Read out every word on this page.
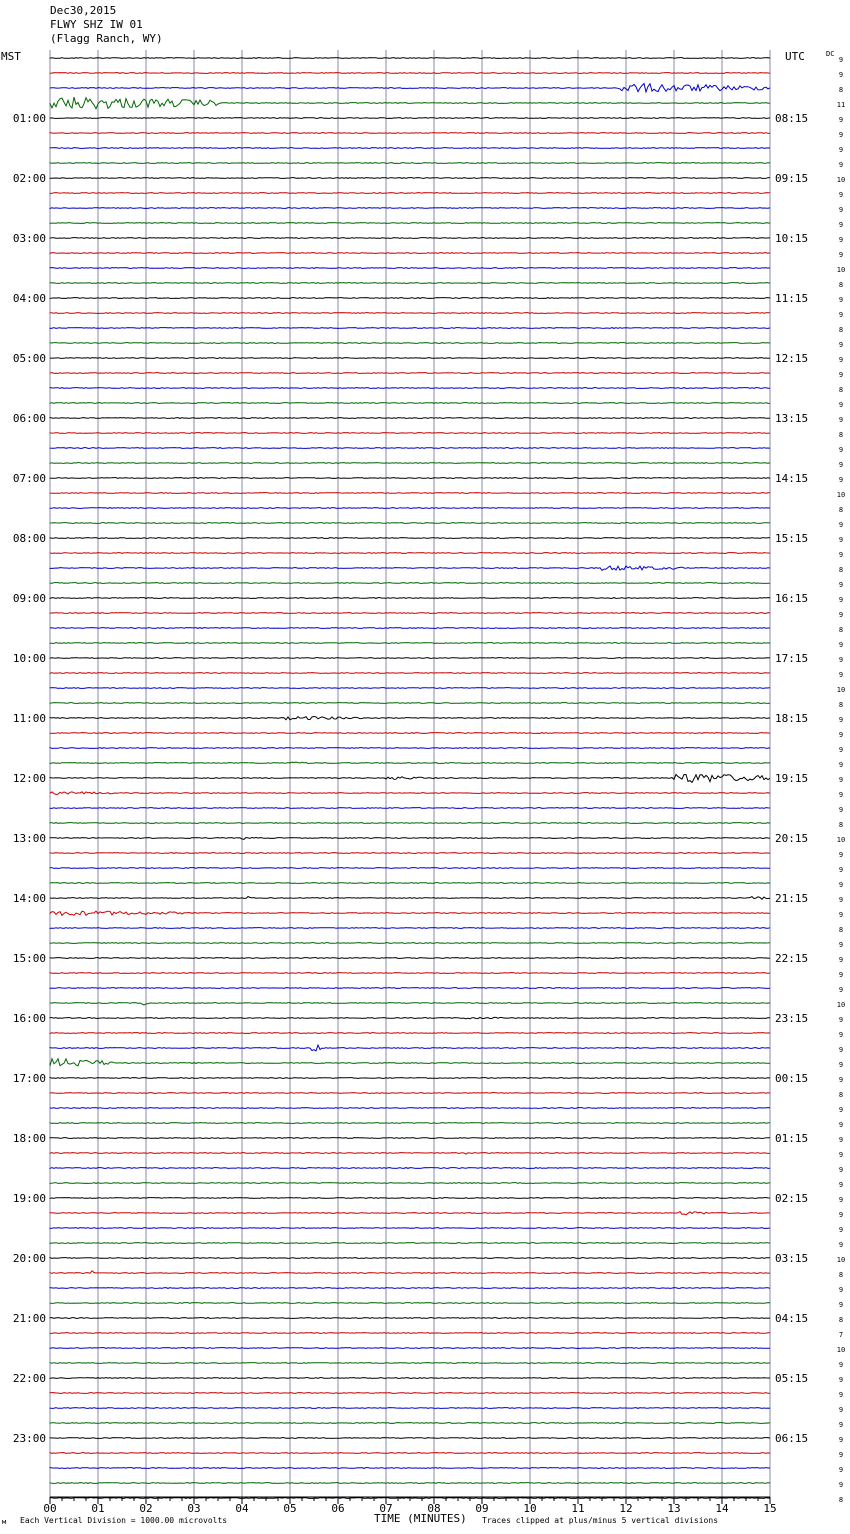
Dec30,2015
FLWY SHZ IW 01
(Flagg Ranch, WY)
MST	UTC	DC
01:00
02:00
03:00
04:00
05:00
06:00
07:00
08:00
09:00
10:00
11:00
12:00
13:00
14:00
15:00
16:00
17:00
18:00
19:00
20:00
21:00
22:00
23:00
08:15
09:15
10:15
11:15
12:15
13:15
14:15
15:15
16:15
17:15
18:15
19:15
20:15
21:15
22:15
23:15
00:15
01:15
02:15
03:15
04:15
05:15
06:15
9
9
8
11
9
9
9
9
10
9
9
9
9
9
10
8
9
9
8
9
9
9
8
9
9
8
9
9
9
10
8
9
9
9
8
9
9
9
8
9
9
9
10
8
9
9
9
9
9
9
9
8
10
9
9
9
9
9
8
9
9
9
9
10
9
9
9
9
9
8
9
9
9
9
9
9
9
9
9
9
10
8
9
9
8
7
10
9
9
9
9
9
9
9
9
9
8
00	01	02	03	04	05	06	07	08	09	10	11	12	13	14	15
TIME (MINUTES)
Each Vertical Division = 1000.00 microvolts	Traces clipped at plus/minus 5 vertical divisions
м
